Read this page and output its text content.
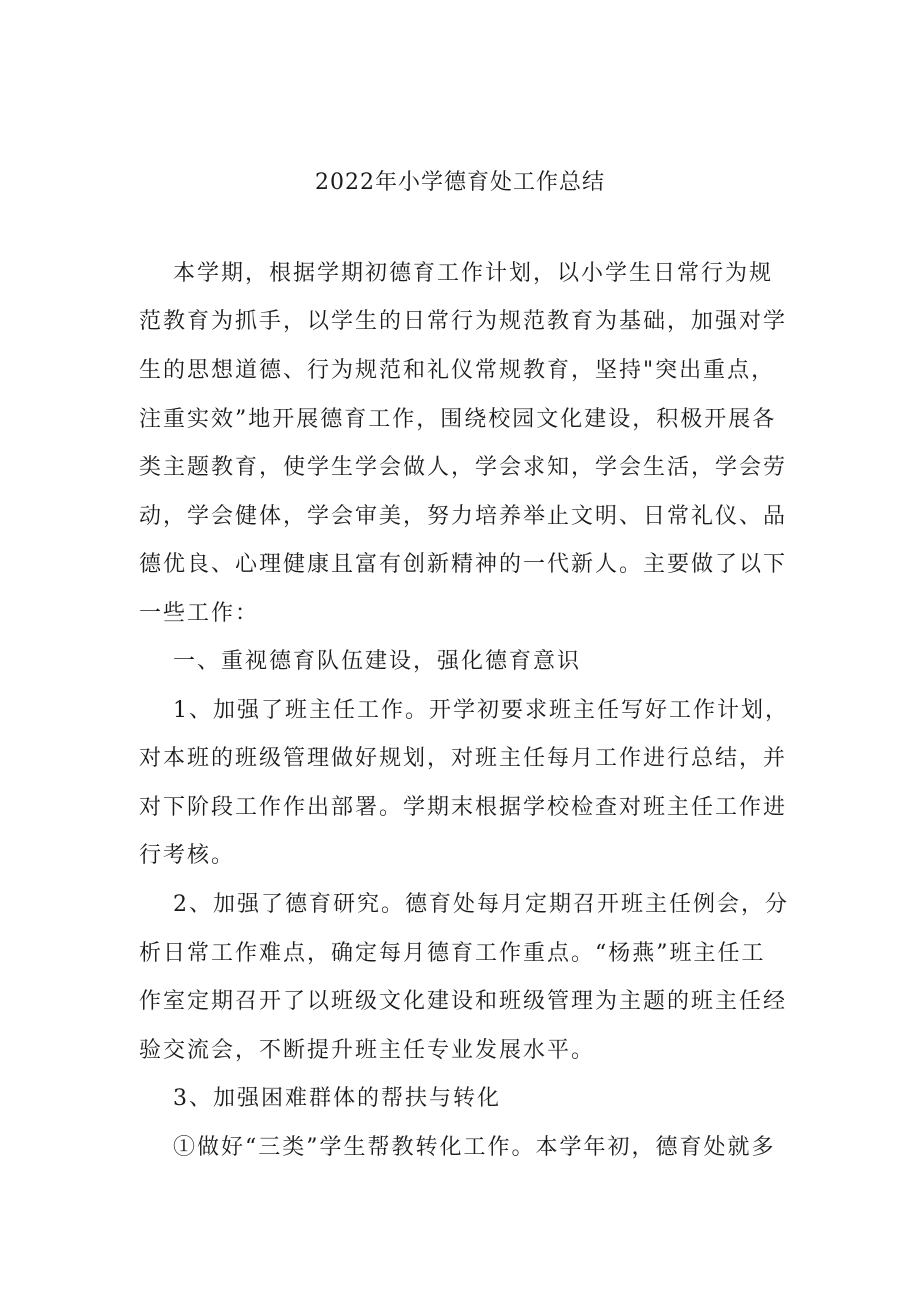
2022年小学德育处工作总结
本学期，根据学期初德育工作计划，以小学生日常行为规
范教育为抓手，以学生的日常行为规范教育为基础，加强对学
生的思想道德、行为规范和礼仪常规教育，坚持"突出重点，
注重实效”地开展德育工作，围绕校园文化建设，积极开展各
类主题教育，使学生学会做人，学会求知，学会生活，学会劳
动，学会健体，学会审美，努力培养举止文明、日常礼仪、品
德优良、心理健康且富有创新精神的一代新人。主要做了以下
一些工作：
一、重视德育队伍建设，强化德育意识
1、加强了班主任工作。开学初要求班主任写好工作计划，
对本班的班级管理做好规划，对班主任每月工作进行总结，并
对下阶段工作作出部署。学期末根据学校检查对班主任工作进
行考核。
2、加强了德育研究。德育处每月定期召开班主任例会，分
析日常工作难点，确定每月德育工作重点。“杨燕”班主任工
作室定期召开了以班级文化建设和班级管理为主题的班主任经
验交流会，不断提升班主任专业发展水平。
3、加强困难群体的帮扶与转化
①做好“三类”学生帮教转化工作。本学年初，德育处就多
